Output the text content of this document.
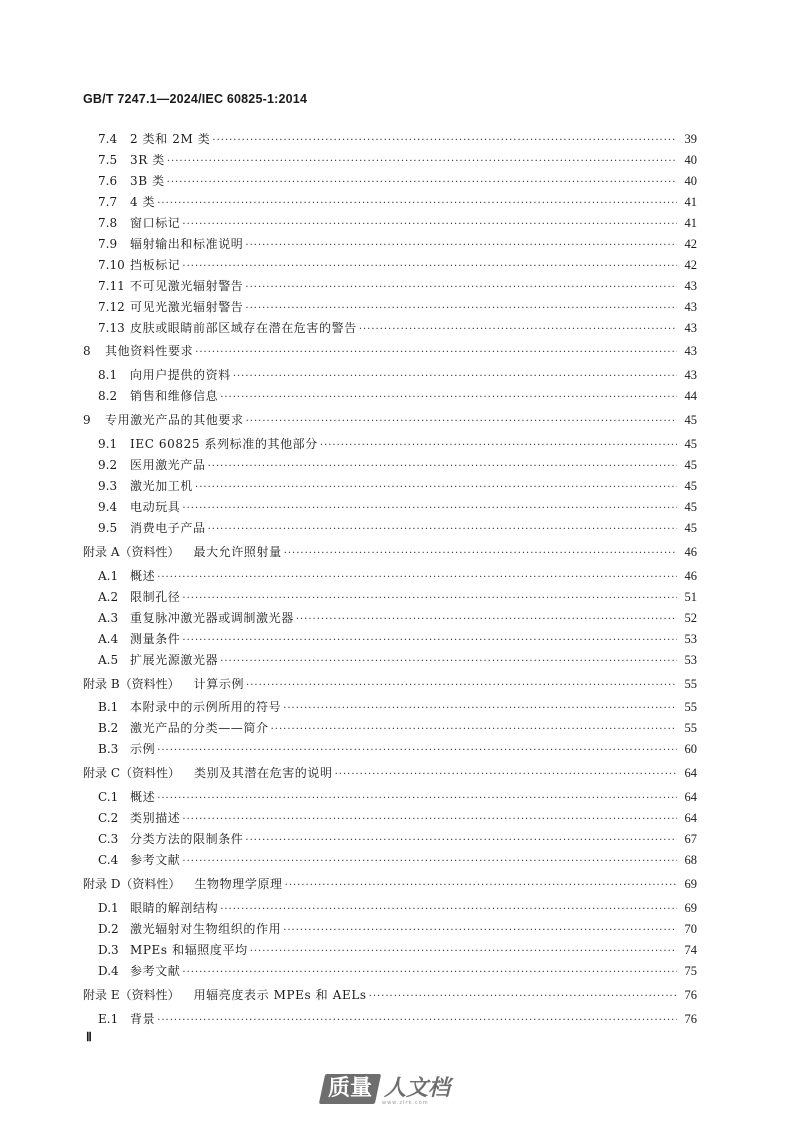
GB/T 7247.1—2024/IEC 60825-1:2014
7.4	2 类和 2M 类 ·····	39
7.5	3R 类 ·····	40
7.6	3B 类 ·····	40
7.7	4 类 ·····	41
7.8	窗口标记 ·····	41
7.9	辐射输出和标准说明 ·····	42
7.10 挡板标记 ·····	42
7.11 不可见激光辐射警告 ·····	43
7.12 可见光激光辐射警告 ·····	43
7.13 皮肤或眼睛前部区域存在潜在危害的警告 ·····	43
8	其他资料性要求 ·····	43
8.1	向用户提供的资料 ·····	43
8.2	销售和维修信息 ·····	44
9	专用激光产品的其他要求 ·····	45
9.1	IEC 60825 系列标准的其他部分 ·····	45
9.2	医用激光产品 ·····	45
9.3	激光加工机 ·····	45
9.4	电动玩具 ·····	45
9.5	消费电子产品 ·····	45
附录 A（资料性） 最大允许照射量 ·····	46
A.1 概述 ·····	46
A.2 限制孔径 ·····	51
A.3 重复脉冲激光器或调制激光器 ·····	52
A.4 测量条件 ·····	53
A.5 扩展光源激光器 ·····	53
附录 B（资料性） 计算示例 ·····	55
B.1 本附录中的示例所用的符号 ·····	55
B.2 激光产品的分类——简介 ·····	55
B.3 示例 ·····	60
附录 C（资料性） 类别及其潜在危害的说明 ·····	64
C.1 概述 ·····	64
C.2 类别描述 ·····	64
C.3 分类方法的限制条件 ·····	67
C.4 参考文献 ·····	68
附录 D（资料性） 生物物理学原理 ·····	69
D.1 眼睛的解剖结构 ·····	69
D.2 激光辐射对生物组织的作用 ·····	70
D.3 MPEs 和辐照度平均 ·····	74
D.4 参考文献 ·····	75
附录 E（资料性） 用辐亮度表示 MPEs 和 AELs ·····	76
E.1 背景 ·····	76
Ⅱ
质量 人文档
www.zlrk.com
